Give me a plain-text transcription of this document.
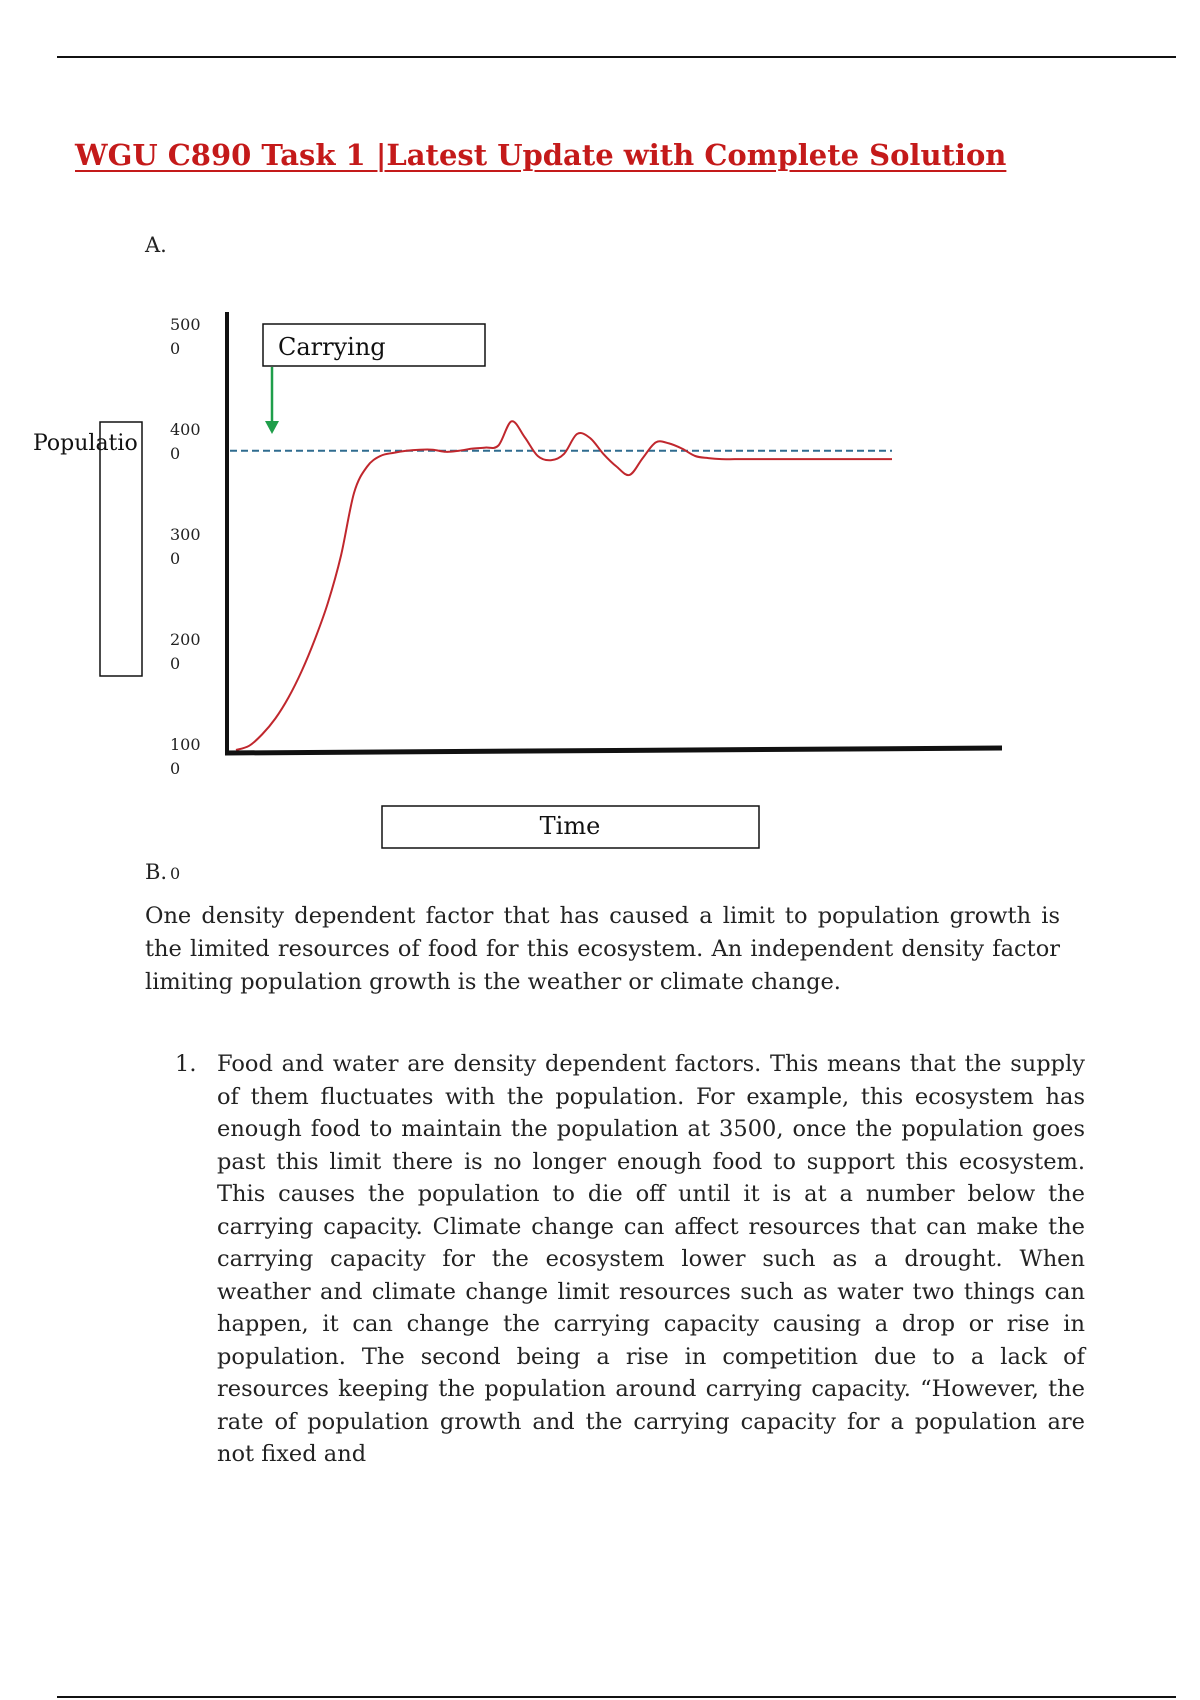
WGU C890 Task 1 |Latest Update with Complete Solution
A.
Populatio
500
0
400
0
300
0
200
0
100
0
0
Carrying
Time
B.

One density dependent factor that has caused a limit to population growth is the limited resources of food for this ecosystem. An independent density factor limiting population growth is the weather or climate change.

1. Food and water are density dependent factors. This means that the supply of them fluctuates with the population. For example, this ecosystem has enough food to maintain the population at 3500, once the population goes past this limit there is no longer enough food to support this ecosystem. This causes the population to die off until it is at a number below the carrying capacity. Climate change can affect resources that can make the carrying capacity for the ecosystem lower such as a drought. When weather and climate change limit resources such as water two things can happen, it can change the carrying capacity causing a drop or rise in population. The second being a rise in competition due to a lack of resources keeping the population around carrying capacity. “However, the rate of population growth and the carrying capacity for a population are not fixed and
